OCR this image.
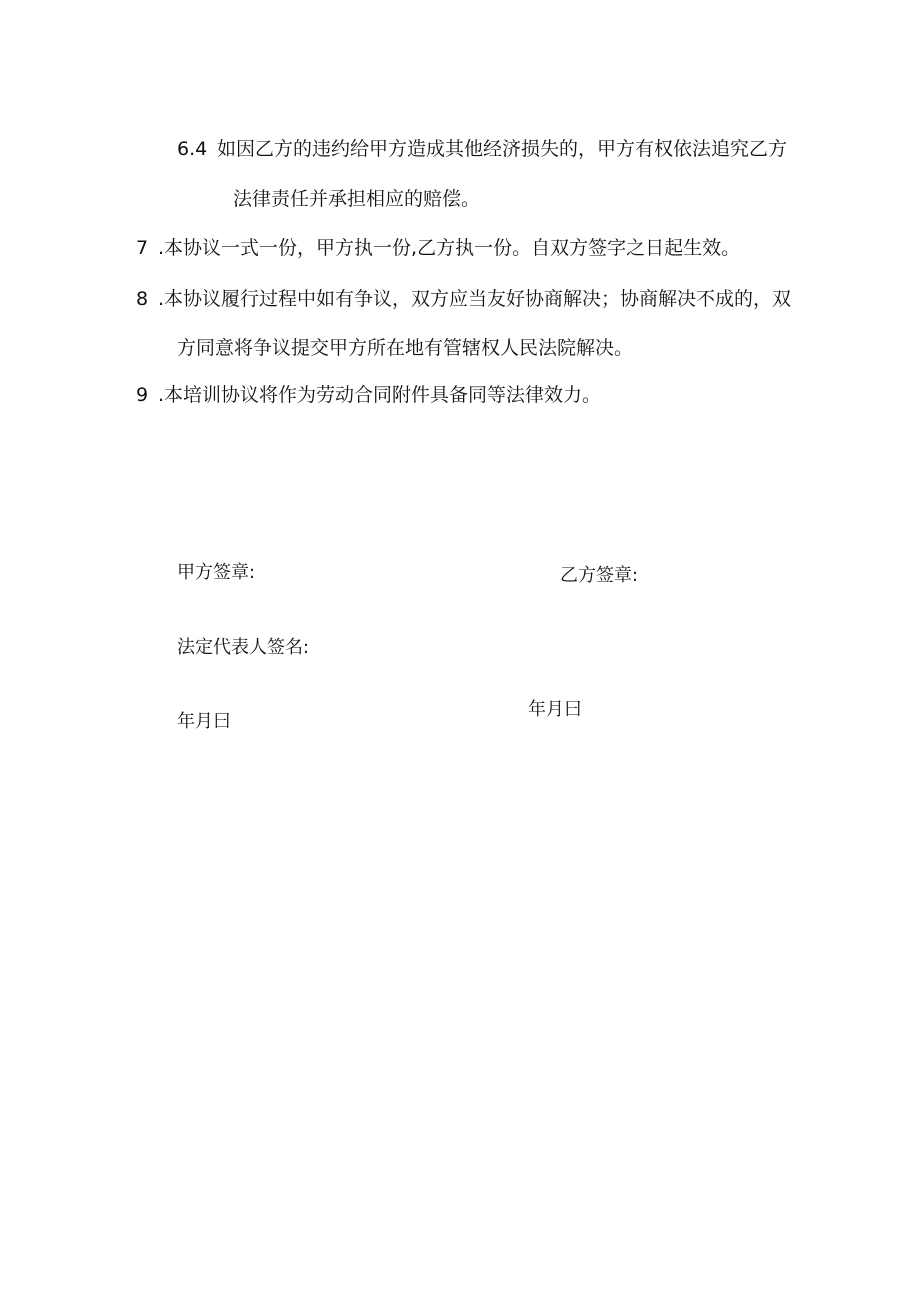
6.4 如因乙方的违约给甲方造成其他经济损失的，甲方有权依法追究乙方
法律责任并承担相应的赔偿。
7 .本协议一式一份，甲方执一份,乙方执一份。自双方签字之日起生效。
8 .本协议履行过程中如有争议，双方应当友好协商解决；协商解决不成的，双
方同意将争议提交甲方所在地有管辖权人民法院解决。
9 .本培训协议将作为劳动合同附件具备同等法律效力。
甲方签章:	乙方签章:
法定代表人签名:
年月曰
年月曰
